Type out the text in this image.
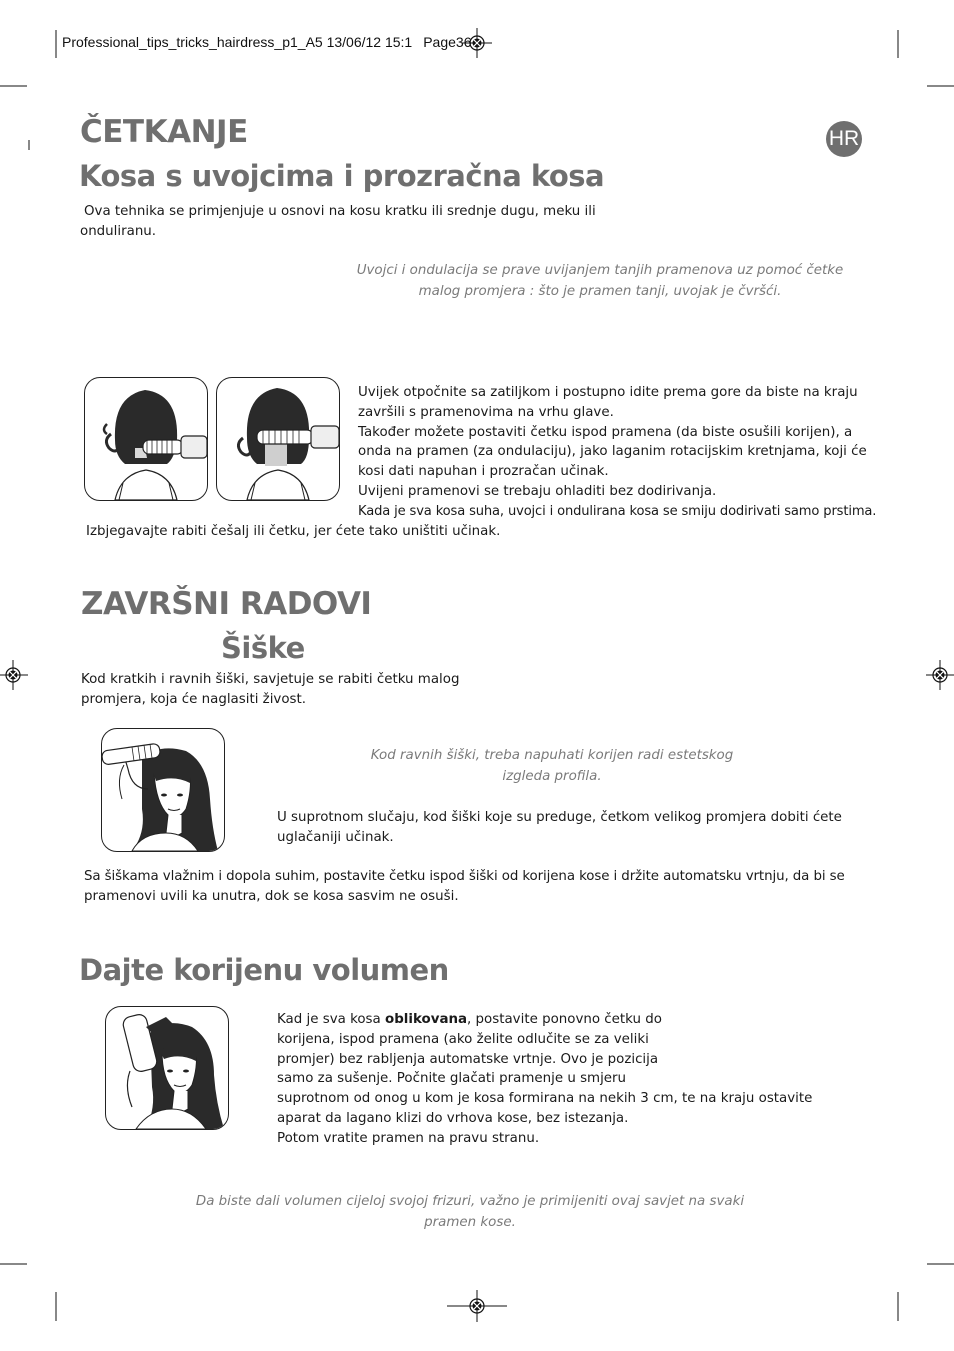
Professional_tips_tricks_hairdress_p1_A5 13/06/12 15:1 Page36
HR
ČETKANJE
Kosa s uvojcima i prozračna kosa

Ova tehnika se primjenjuje u osnovi na kosu kratku ili srednje dugu, meku ili

onduliranu.

Uvojci i ondulacija se prave uvijanjem tanjih pramenova uz pomoć četke
malog promjera : što je pramen tanji, uvojak je čvršći.

Uvijek otpočnite sa zatiljkom i postupno idite prema gore da biste na kraju

završili s pramenovima na vrhu glave.

Također možete postaviti četku ispod pramena (da biste osušili korijen), a

onda na pramen (za ondulaciju), jako laganim rotacijskim kretnjama, koji će

kosi dati napuhan i prozračan učinak.

Uvijeni pramenovi se trebaju ohladiti bez dodirivanja.

Kada je sva kosa suha, uvojci i ondulirana kosa se smiju dodirivati samo prstima.

Izbjegavajte rabiti češalj ili četku, jer ćete tako uništiti učinak.
ZAVRŠNI RADOVI
Šiške

Kod kratkih i ravnih šiški, savjetuje se rabiti četku malog

promjera, koja će naglasiti živost.

Kod ravnih šiški, treba napuhati korijen radi estetskog
izgleda profila.

U suprotnom slučaju, kod šiški koje su preduge, četkom velikog promjera dobiti ćete

uglačaniji učinak.

Sa šiškama vlažnim i dopola suhim, postavite četku ispod šiški od korijena kose i držite automatsku vrtnju, da bi se

pramenovi uvili ka unutra, dok se kosa sasvim ne osuši.

Dajte korijenu volumen

Kad je sva kosa oblikovana, postavite ponovno četku do

korijena, ispod pramena (ako želite odlučite se za veliki

promjer) bez rabljenja automatske vrtnje. Ovo je pozicija

samo za sušenje. Počnite glačati pramenje u smjeru

suprotnom od onog u kom je kosa formirana na nekih 3 cm, te na kraju ostavite

aparat da lagano klizi do vrhova kose, bez istezanja.

Potom vratite pramen na pravu stranu.

Da biste dali volumen cijeloj svojoj frizuri, važno je primijeniti ovaj savjet na svaki
pramen kose.
